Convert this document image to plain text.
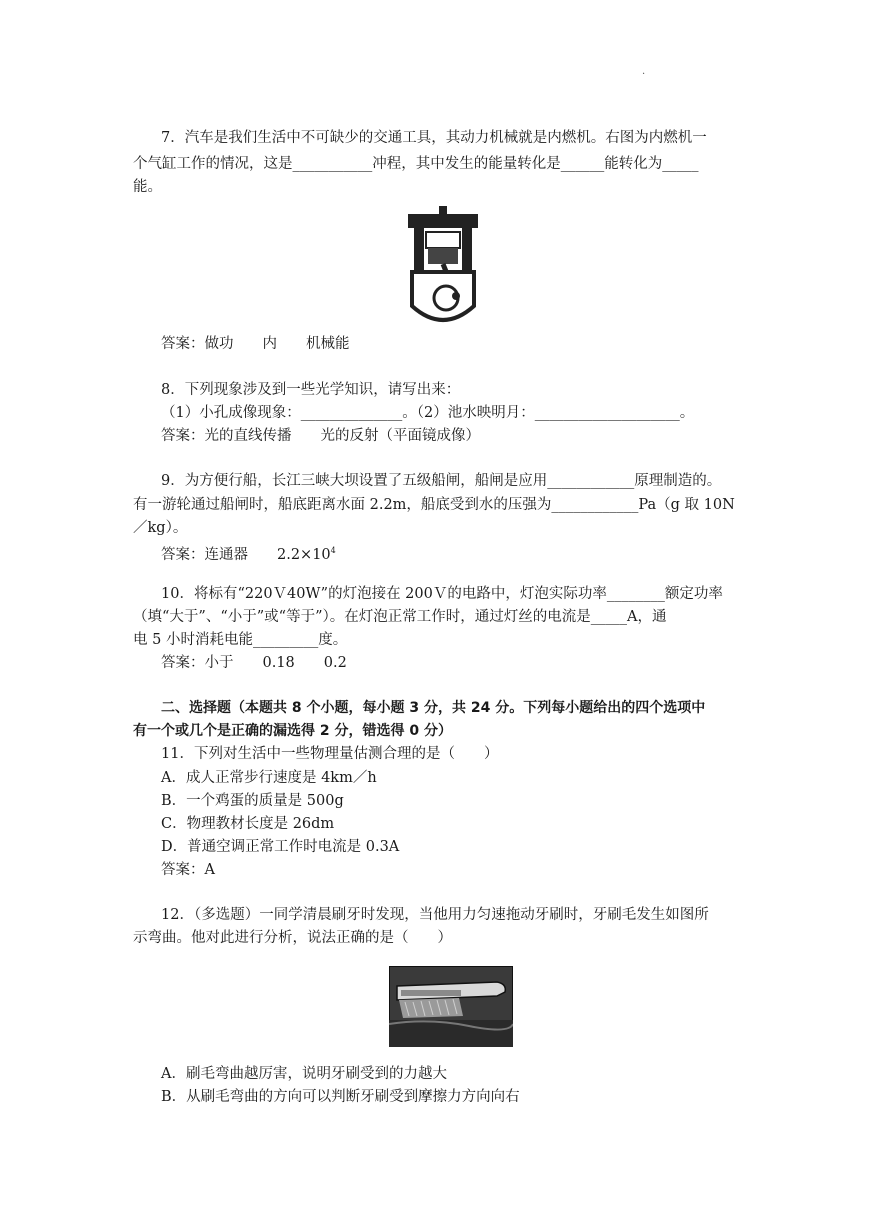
.
7．汽车是我们生活中不可缺少的交通工具，其动力机械就是内燃机。右图为内燃机一
个气缸工作的情况，这是___________冲程，其中发生的能量转化是______能转化为_____
能。
答案：做功　　内　　机械能
8．下列现象涉及到一些光学知识，请写出来：
（1）小孔成像现象：______________。（2）池水映明月：____________________。
答案：光的直线传播　　光的反射（平面镜成像）
9．为方便行船，长江三峡大坝设置了五级船闸，船闸是应用____________原理制造的。
有一游轮通过船闸时，船底距离水面 2.2m，船底受到水的压强为____________Pa（g 取 10N
／kg）。
答案：连通器　　$2.2\times 10^4$
10．将标有“220Ｖ40W”的灯泡接在 200Ｖ的电路中，灯泡实际功率________额定功率
（填“大于”、“小于”或“等于”）。在灯泡正常工作时，通过灯丝的电流是_____A，通
电 5 小时消耗电能_________度。
答案：小于　　0.18　　0.2
二、选择题（本题共 8 个小题，每小题 3 分，共 24 分。下列每小题给出的四个选项中
有一个或几个是正确的漏选得 2 分，错选得 0 分）
11．下列对生活中一些物理量估测合理的是（　　）
A．成人正常步行速度是 4km／h
B．一个鸡蛋的质量是 500g
C．物理教材长度是 26dm
D．普通空调正常工作时电流是 0.3A
答案：A
12．（多选题）一同学清晨刷牙时发现，当他用力匀速拖动牙刷时，牙刷毛发生如图所
示弯曲。他对此进行分析，说法正确的是（　　）
A．刷毛弯曲越厉害，说明牙刷受到的力越大
B．从刷毛弯曲的方向可以判断牙刷受到摩擦力方向向右
